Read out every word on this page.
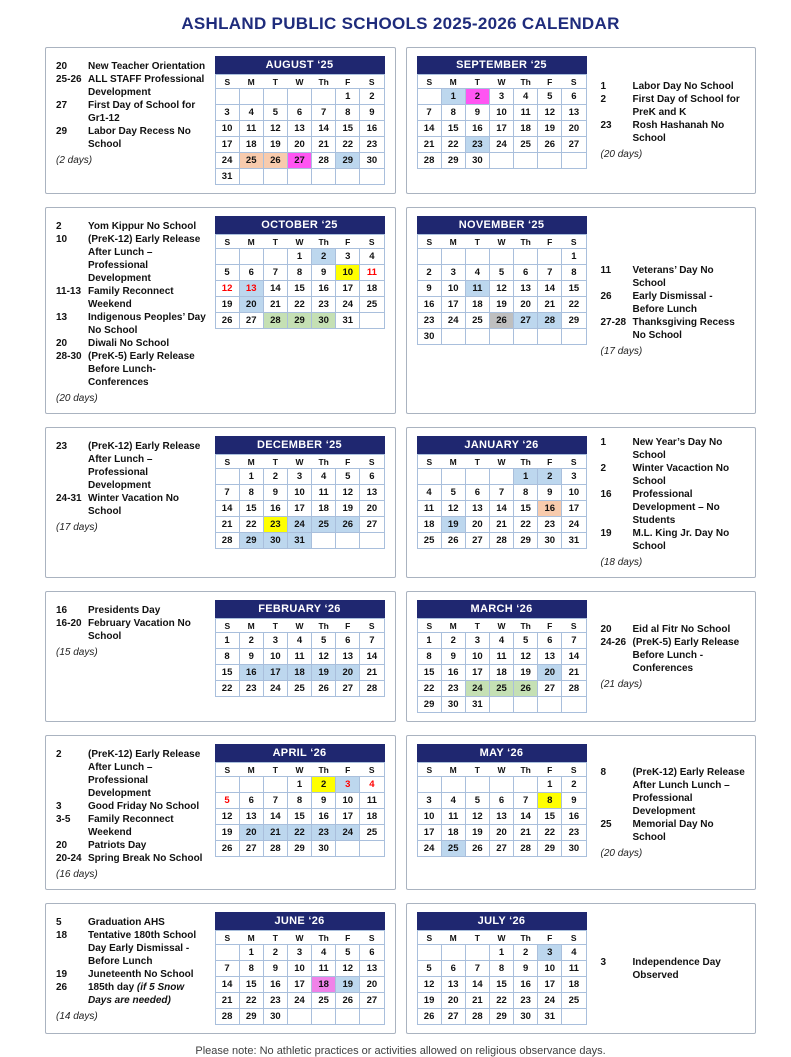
ASHLAND PUBLIC SCHOOLS 2025-2026 CALENDAR
20	New Teacher Orientation
25-26 ALL STAFF Professional Development
27	First Day of School for Gr1-12
29	Labor Day Recess No School
(2 days)
AUGUST ‘25
S	M	T	W	Th	F	S
					1	2
3	4	5	6	7	8	9
10	11	12	13	14	15	16
17	18	19	20	21	22	23
24	25	26	27	28	29	30
31						
SEPTEMBER ‘25
S	M	T	W	Th	F	S
	1	2	3	4	5	6
7	8	9	10	11	12	13
14	15	16	17	18	19	20
21	22	23	24	25	26	27
28	29	30				
1	Labor Day No School
2	First Day of School for PreK and K
23	Rosh Hashanah No School
(20 days)
2	Yom Kippur No School
10	(PreK-12) Early Release After Lunch – Professional Development
11-13 Family Reconnect Weekend
13	Indigenous Peoples’ Day No School
20	Diwali No School
28-30 (PreK-5) Early Release Before Lunch-Conferences
(20 days)
OCTOBER ‘25
S	M	T	W	Th	F	S
			1	2	3	4
5	6	7	8	9	10	11
12	13	14	15	16	17	18
19	20	21	22	23	24	25
26	27	28	29	30	31	
NOVEMBER ‘25
S	M	T	W	Th	F	S
						1
2	3	4	5	6	7	8
9	10	11	12	13	14	15
16	17	18	19	20	21	22
23	24	25	26	27	28	29
30						
11	Veterans’ Day No School
26	Early Dismissal - Before Lunch
27-28 Thanksgiving Recess No School
(17 days)
23	(PreK-12) Early Release After Lunch – Professional Development
24-31 Winter Vacation No School
(17 days)
DECEMBER ‘25
S	M	T	W	Th	F	S
	1	2	3	4	5	6
7	8	9	10	11	12	13
14	15	16	17	18	19	20
21	22	23	24	25	26	27
28	29	30	31			
JANUARY ‘26
S	M	T	W	Th	F	S
				1	2	3
4	5	6	7	8	9	10
11	12	13	14	15	16	17
18	19	20	21	22	23	24
25	26	27	28	29	30	31
1	New Year’s Day No School
2	Winter Vacaction No School
16	Professional Development – No Students
19	M.L. King Jr. Day No School
(18 days)
16	Presidents Day
16-20 February Vacation No School
(15 days)
FEBRUARY ‘26
S	M	T	W	Th	F	S
1	2	3	4	5	6	7
8	9	10	11	12	13	14
15	16	17	18	19	20	21
22	23	24	25	26	27	28
MARCH ‘26
S	M	T	W	Th	F	S
1	2	3	4	5	6	7
8	9	10	11	12	13	14
15	16	17	18	19	20	21
22	23	24	25	26	27	28
29	30	31				
20	Eid al Fitr No School
24-26 (PreK-5) Early Release Before Lunch - Conferences
(21 days)
2	(PreK-12) Early Release After Lunch – Professional Development
3	Good Friday No School
3-5	Family Reconnect Weekend
20	Patriots Day
20-24 Spring Break No School
(16 days)
APRIL ‘26
S	M	T	W	Th	F	S
			1	2	3	4
5	6	7	8	9	10	11
12	13	14	15	16	17	18
19	20	21	22	23	24	25
26	27	28	29	30		
MAY ‘26
S	M	T	W	Th	F	S
					1	2
3	4	5	6	7	8	9
10	11	12	13	14	15	16
17	18	19	20	21	22	23
24	25	26	27	28	29	30
8	(PreK-12) Early Release After Lunch Lunch – Professional Development
25	Memorial Day No School
(20 days)
5	Graduation AHS
18	Tentative 180th School Day Early Dismissal - Before Lunch
19	Juneteenth No School
26	185th day (if 5 Snow Days are needed)
(14 days)
JUNE ‘26
S	M	T	W	Th	F	S
	1	2	3	4	5	6
7	8	9	10	11	12	13
14	15	16	17	18	19	20
21	22	23	24	25	26	27
28	29	30				
JULY ‘26
S	M	T	W	Th	F	S
			1	2	3	4
5	6	7	8	9	10	11
12	13	14	15	16	17	18
19	20	21	22	23	24	25
26	27	28	29	30	31	
3	Independence Day Observed
Please note: No athletic practices or activities allowed on religious observance days.
